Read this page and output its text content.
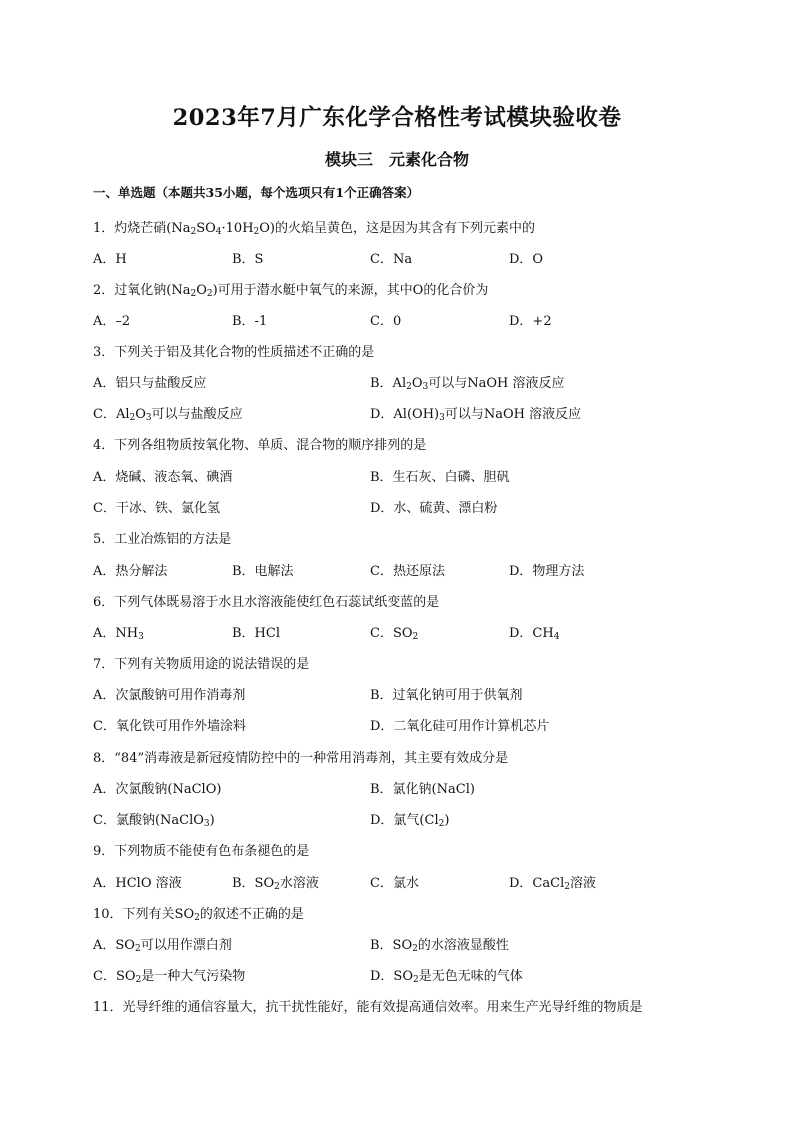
2023年7月广东化学合格性考试模块验收卷
模块三　元素化合物
一、单选题（本题共35小题，每个选项只有1个正确答案）
1．灼烧芒硝$(Na_2SO_4\cdot 10H_2O)$的火焰呈黄色，这是因为其含有下列元素中的
A．H	B．S	C．Na	D．O
2．过氧化钠$(Na_2O_2)$可用于潜水艇中氧气的来源，其中O的化合价为
A．–2	B．-1	C．0	D．+2
3．下列关于铝及其化合物的性质描述不正确的是
A．铝只与盐酸反应	B．$Al_2O_3$可以与NaOH 溶液反应
C．$Al_2O_3$可以与盐酸反应	D．$Al(OH)_3$可以与NaOH 溶液反应
4．下列各组物质按氧化物、单质、混合物的顺序排列的是
A．烧碱、液态氧、碘酒	B．生石灰、白磷、胆矾
C．干冰、铁、氯化氢	D．水、硫黄、漂白粉
5．工业冶炼铝的方法是
A．热分解法	B．电解法	C．热还原法	D．物理方法
6．下列气体既易溶于水且水溶液能使红色石蕊试纸变蓝的是
A．$NH_3$	B．HCl	C．$SO_2$	D．$CH_4$
7．下列有关物质用途的说法错误的是
A．次氯酸钠可用作消毒剂	B．过氧化钠可用于供氧剂
C．氧化铁可用作外墙涂料	D．二氧化硅可用作计算机芯片
8．“84”消毒液是新冠疫情防控中的一种常用消毒剂，其主要有效成分是
A．次氯酸钠(NaClO)	B．氯化钠(NaCl)
C．氯酸钠(NaClO$_3$)	D．氯气$(Cl_2)$
9．下列物质不能使有色布条褪色的是
A．HClO 溶液	B．$SO_2$水溶液	C．氯水	D．CaCl$_2$溶液
10．下列有关$SO_2$的叙述不正确的是
A．$SO_2$可以用作漂白剂	B．$SO_2$的水溶液显酸性
C．$SO_2$是一种大气污染物	D．$SO_2$是无色无味的气体
11．光导纤维的通信容量大，抗干扰性能好，能有效提高通信效率。用来生产光导纤维的物质是
